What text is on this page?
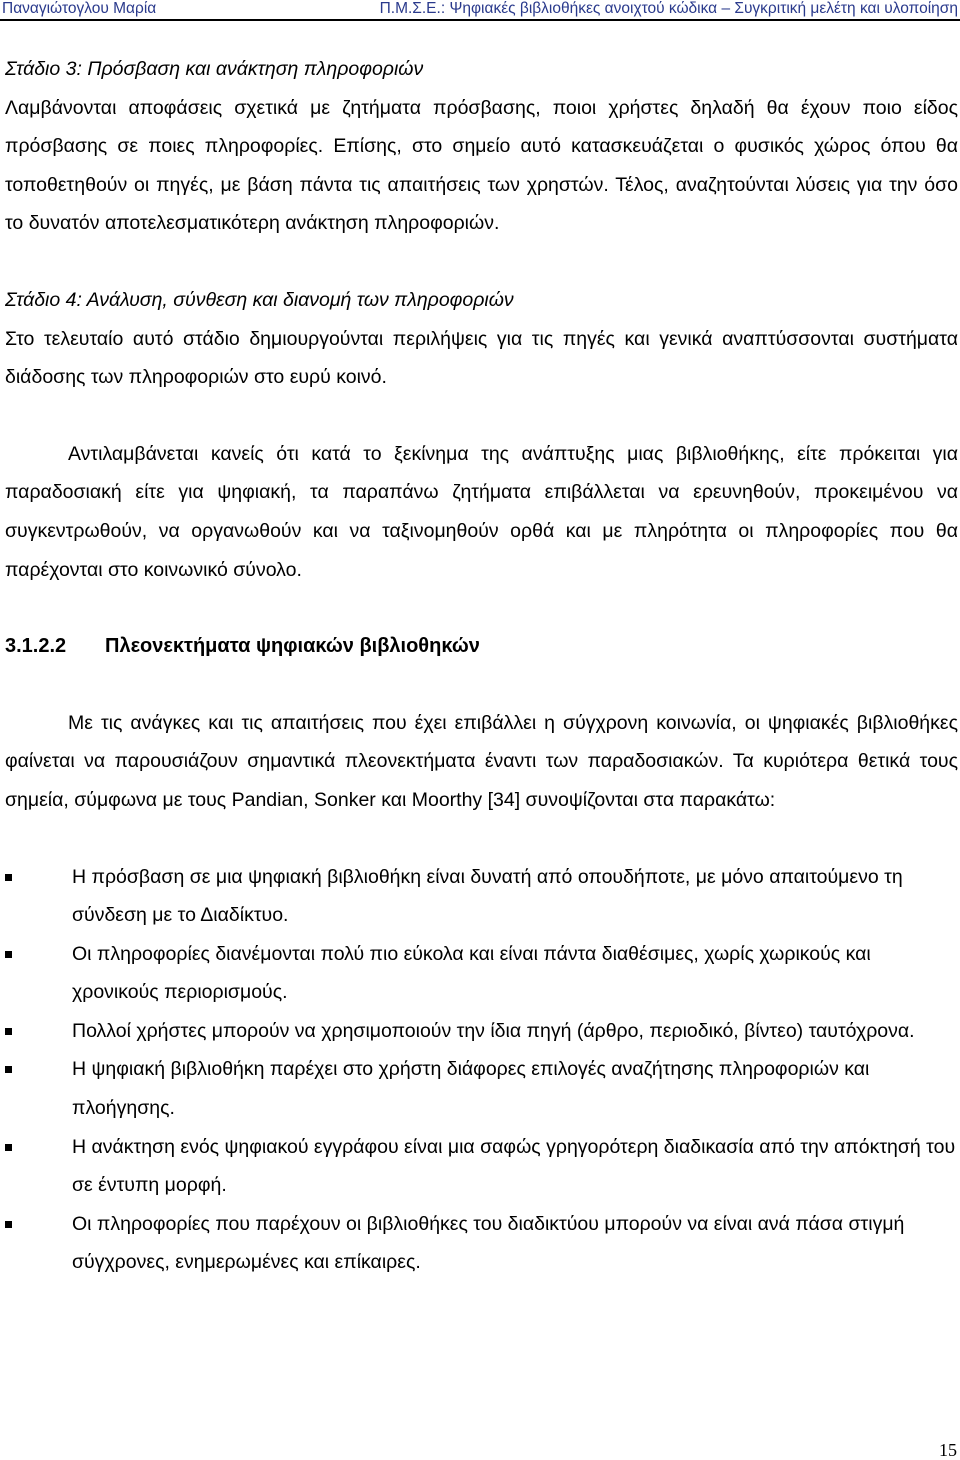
Παναγιώτογλου Μαρία	Π.Μ.Σ.Ε.: Ψηφιακές βιβλιοθήκες ανοιχτού κώδικα – Συγκριτική μελέτη και υλοποίηση

Στάδιο 3: Πρόσβαση και ανάκτηση πληροφοριών

Λαμβάνονται αποφάσεις σχετικά με ζητήματα πρόσβασης, ποιοι χρήστες δηλαδή θα έχουν ποιο είδος πρόσβασης σε ποιες πληροφορίες. Επίσης, στο σημείο αυτό κατασκευάζεται ο φυσικός χώρος όπου θα τοποθετηθούν οι πηγές, με βάση πάντα τις απαιτήσεις των χρηστών. Τέλος, αναζητούνται λύσεις για την όσο το δυνατόν αποτελεσματικότερη ανάκτηση πληροφοριών.

Στάδιο 4: Ανάλυση, σύνθεση και διανομή των πληροφοριών

Στο τελευταίο αυτό στάδιο δημιουργούνται περιλήψεις για τις πηγές και γενικά αναπτύσσονται συστήματα διάδοσης των πληροφοριών στο ευρύ κοινό.

Αντιλαμβάνεται κανείς ότι κατά το ξεκίνημα της ανάπτυξης μιας βιβλιοθήκης, είτε πρόκειται για παραδοσιακή είτε για ψηφιακή, τα παραπάνω ζητήματα επιβάλλεται να ερευνηθούν, προκειμένου να συγκεντρωθούν, να οργανωθούν και να ταξινομηθούν ορθά και με πληρότητα οι πληροφορίες που θα παρέχονται στο κοινωνικό σύνολο.

3.1.2.2 Πλεονεκτήματα ψηφιακών βιβλιοθηκών

Με τις ανάγκες και τις απαιτήσεις που έχει επιβάλλει η σύγχρονη κοινωνία, οι ψηφιακές βιβλιοθήκες φαίνεται να παρουσιάζουν σημαντικά πλεονεκτήματα έναντι των παραδοσιακών. Τα κυριότερα θετικά τους σημεία, σύμφωνα με τους Pandian, Sonker και Moorthy [34] συνοψίζονται στα παρακάτω:

Η πρόσβαση σε μια ψηφιακή βιβλιοθήκη είναι δυνατή από οπουδήποτε, με μόνο απαιτούμενο τη σύνδεση με το Διαδίκτυο.
Οι πληροφορίες διανέμονται πολύ πιο εύκολα και είναι πάντα διαθέσιμες, χωρίς χωρικούς και χρονικούς περιορισμούς.
Πολλοί χρήστες μπορούν να χρησιμοποιούν την ίδια πηγή (άρθρο, περιοδικό, βίντεο) ταυτόχρονα.
Η ψηφιακή βιβλιοθήκη παρέχει στο χρήστη διάφορες επιλογές αναζήτησης πληροφοριών και πλοήγησης.
Η ανάκτηση ενός ψηφιακού εγγράφου είναι μια σαφώς γρηγορότερη διαδικασία από την απόκτησή του σε έντυπη μορφή.
Οι πληροφορίες που παρέχουν οι βιβλιοθήκες του διαδικτύου μπορούν να είναι ανά πάσα στιγμή σύγχρονες, ενημερωμένες και επίκαιρες.
15
